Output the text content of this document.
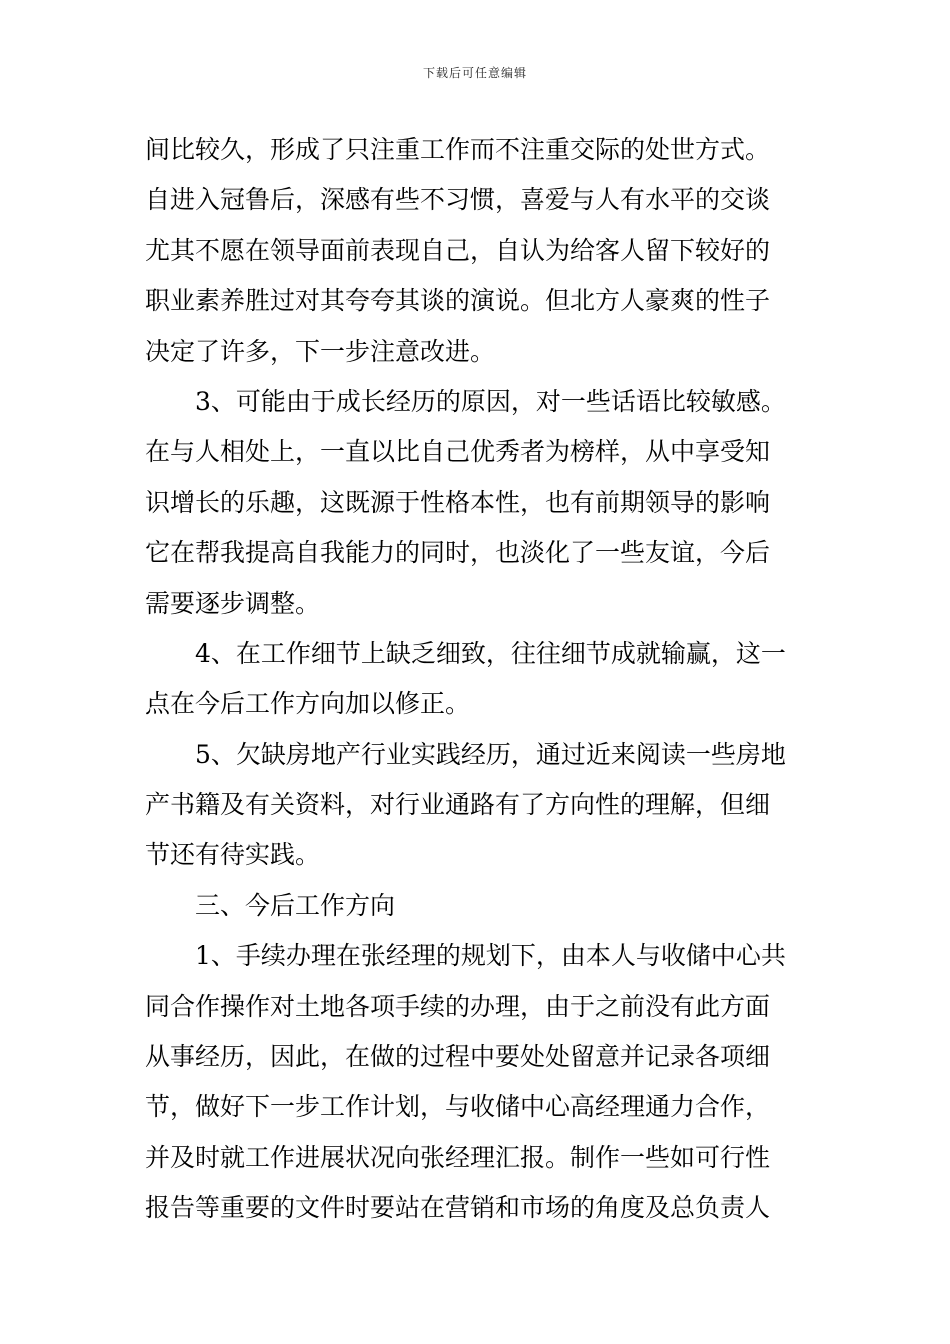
下载后可任意编辑
间比较久，形成了只注重工作而不注重交际的处世方式。
自进入冠鲁后，深感有些不习惯，喜爱与人有水平的交谈
尤其不愿在领导面前表现自己，自认为给客人留下较好的
职业素养胜过对其夸夸其谈的演说。但北方人豪爽的性子
决定了许多，下一步注意改进。
3、可能由于成长经历的原因，对一些话语比较敏感。
在与人相处上，一直以比自己优秀者为榜样，从中享受知
识增长的乐趣，这既源于性格本性，也有前期领导的影响
它在帮我提高自我能力的同时，也淡化了一些友谊，今后
需要逐步调整。
4、在工作细节上缺乏细致，往往细节成就输赢，这一
点在今后工作方向加以修正。
5、欠缺房地产行业实践经历，通过近来阅读一些房地
产书籍及有关资料，对行业通路有了方向性的理解，但细
节还有待实践。
三、今后工作方向
1、手续办理在张经理的规划下，由本人与收储中心共
同合作操作对土地各项手续的办理，由于之前没有此方面
从事经历，因此，在做的过程中要处处留意并记录各项细
节，做好下一步工作计划，与收储中心高经理通力合作，
并及时就工作进展状况向张经理汇报。制作一些如可行性
报告等重要的文件时要站在营销和市场的角度及总负责人
